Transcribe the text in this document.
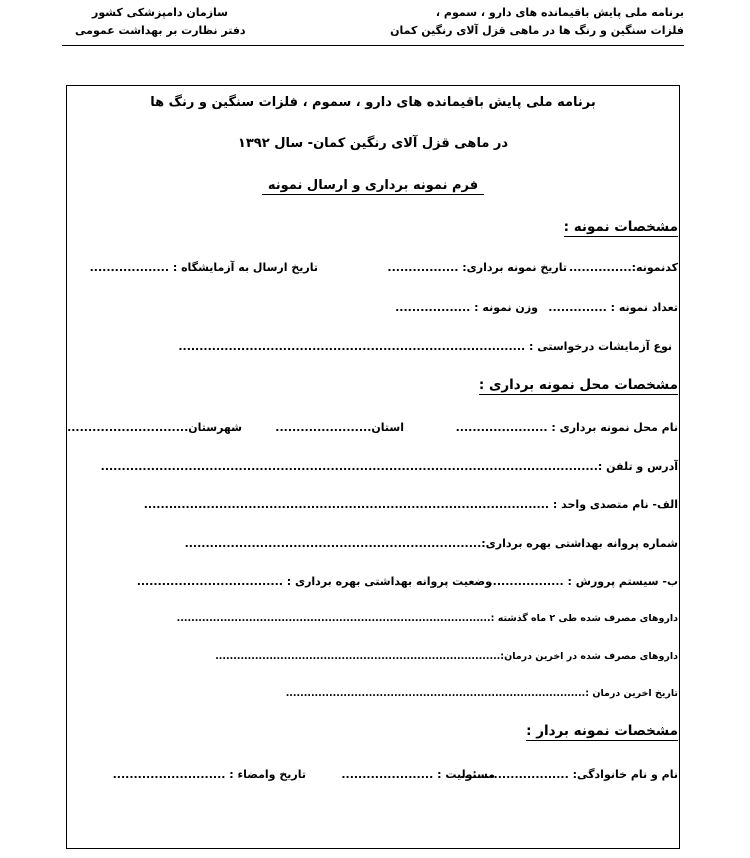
برنامه ملی پایش باقیمانده های دارو ، سموم ،
فلزات سنگین و رنگ ها در ماهی قزل آلای رنگین کمان
سازمان دامپزشکی کشور
دفتر نظارت بر بهداشت عمومی
برنامه ملی پایش باقیمانده های دارو ، سموم ، فلزات سنگین و رنگ ها
در ماهی قزل آلای رنگین کمان- سال ۱۳۹۲
فرم نمونه برداری و ارسال نمونه
مشخصات نمونه :
کدنمونه:...............
تاریخ نمونه برداری: .................
تاریخ ارسال به آزمایشگاه : ...................
تعداد نمونه : ..............
وزن نمونه : ..................
نوع آزمایشات درخواستی : ...................................................................................
مشخصات محل نمونه برداری :
نام محل نمونه برداری : ......................
استان.......................
شهرستان.............................
آدرس و تلفن :.......................................................................................................................
الف- نام متصدی واحد : .................................................................................................
شماره پروانه بهداشتی بهره برداری:.......................................................................
ب- سیستم پرورش : ..................
وضعیت پروانه بهداشتی بهره برداری : ...................................
داروهای مصرف شده طی ۲ ماه گذشته :.......................................................................................
داروهای مصرف شده در اخرین درمان:...............................................................................
تاریخ اخرین درمان :...................................................................................
مشخصات نمونه بردار :
نام و نام خانوادگی: ..........................
مسئولیت : ......................
تاریخ وامضاء : ...........................
